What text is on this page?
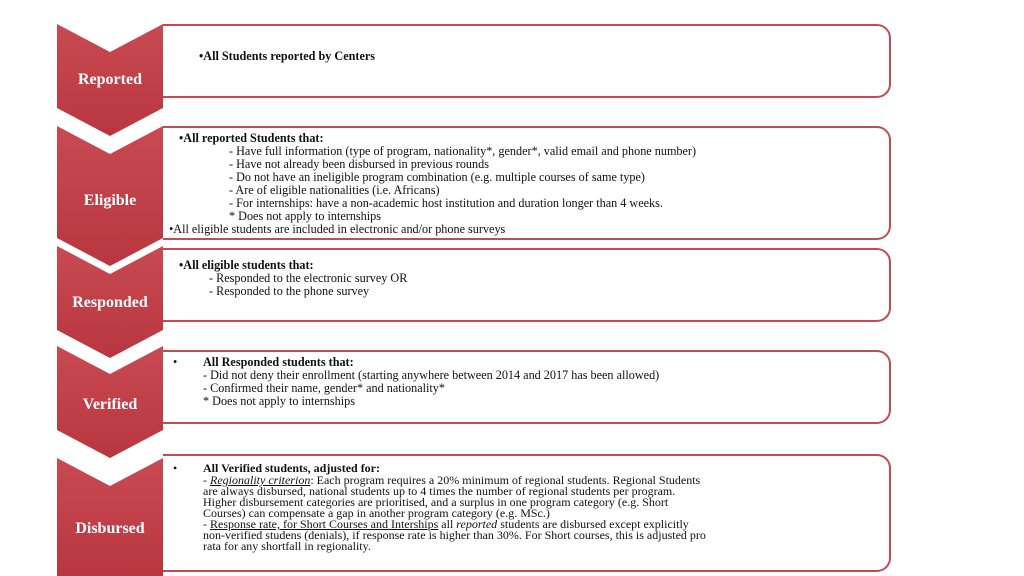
Reported
•All Students reported by Centers
Eligible
•All reported Students that:
- Have full information (type of program, nationality*, gender*, valid email and phone number)
- Have not already been disbursed in previous rounds
- Do not have an ineligible program combination (e.g. multiple courses of same type)
- Are of eligible nationalities (i.e. Africans)
- For internships: have a non-academic host institution and duration longer than 4 weeks.
* Does not apply to internships
•All eligible students are included in electronic and/or phone surveys
Responded
•All eligible students that:
- Responded to the electronic survey OR
- Responded to the phone survey
Verified
• All Responded students that:
- Did not deny their enrollment (starting anywhere between 2014 and 2017 has been allowed)
- Confirmed their name, gender* and nationality*
* Does not apply to internships
Disbursed
• All Verified students, adjusted for:
- Regionality criterion: Each program requires a 20% minimum of regional students. Regional Students
are always disbursed, national students up to 4 times the number of regional students per program.
Higher disbursement categories are prioritised, and a surplus in one program category (e.g. Short
Courses) can compensate a gap in another program category (e.g. MSc.)
- Response rate, for Short Courses and Interships all reported students are disbursed except explicitly
non-verified studens (denials), if response rate is higher than 30%. For Short courses, this is adjusted pro
rata for any shortfall in regionality.
